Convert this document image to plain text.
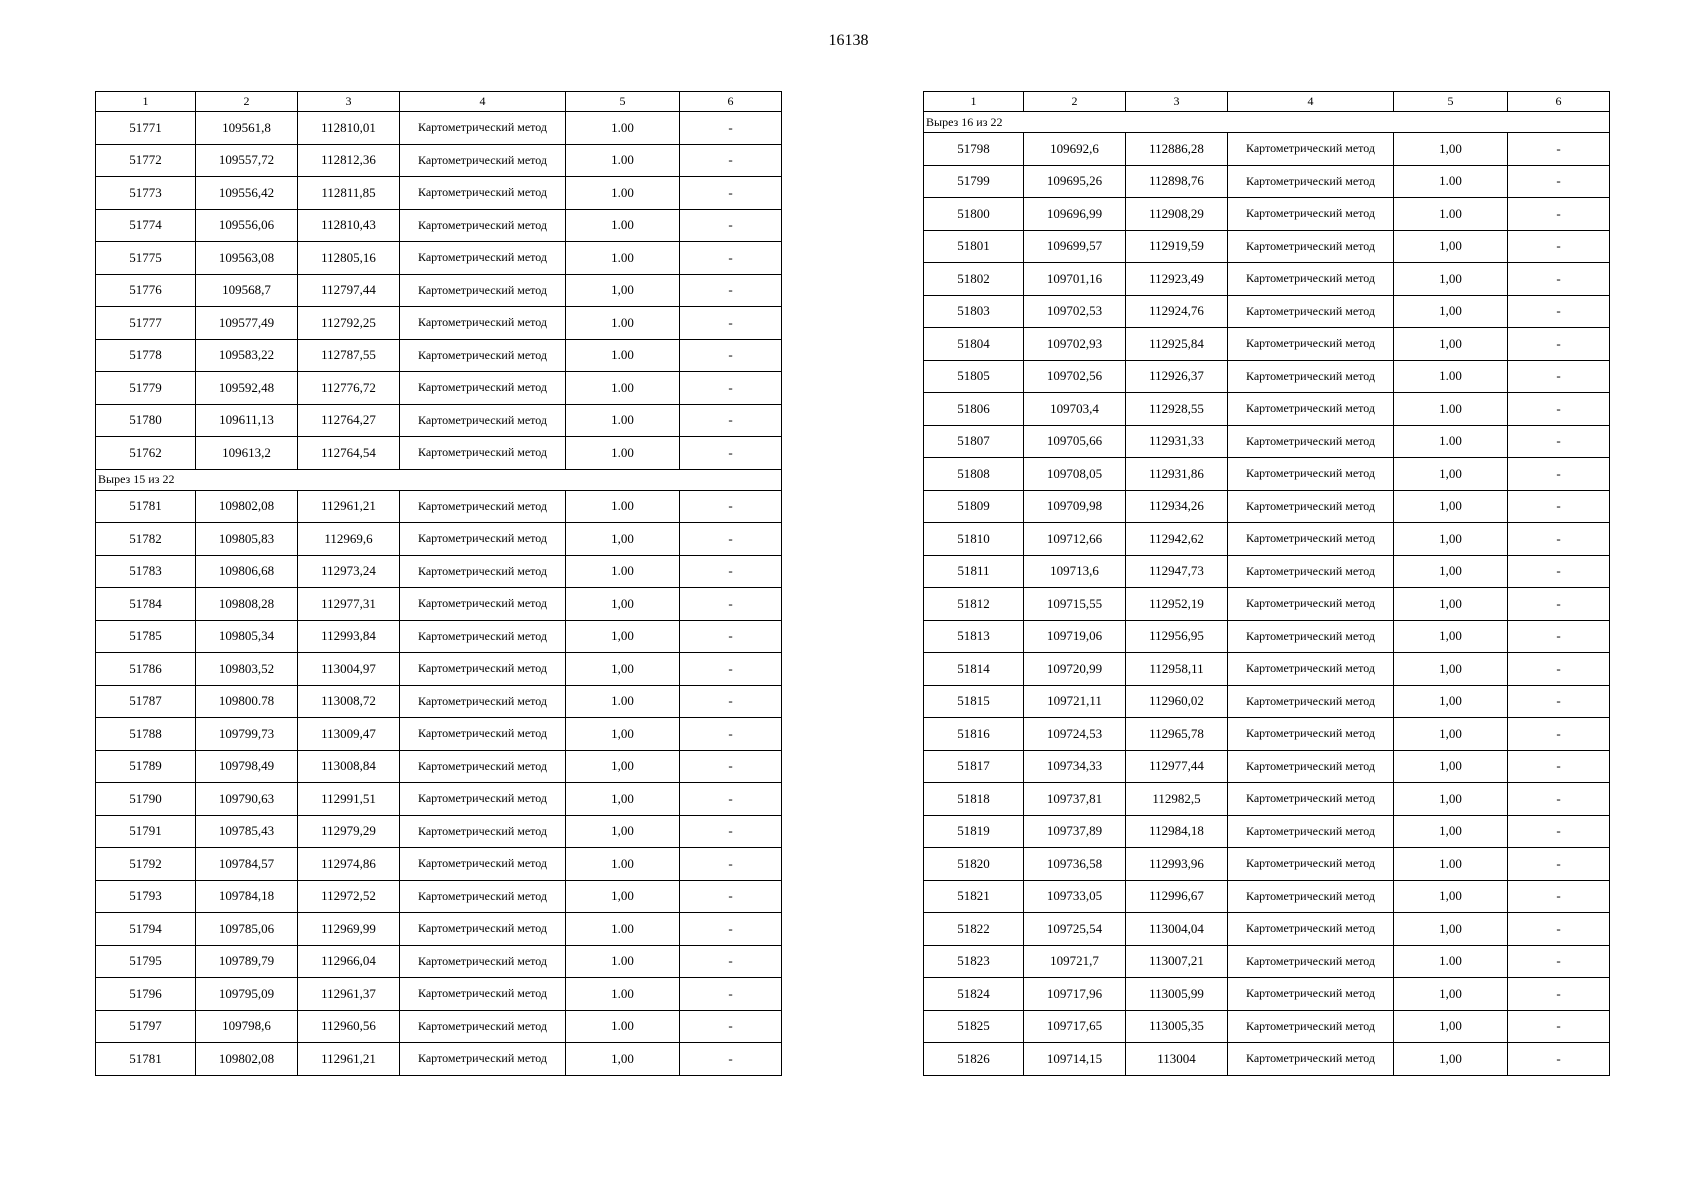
16138
1	2	3	4	5	6
51771	109561,8	112810,01	Картометрический метод	1.00	-
51772	109557,72	112812,36	Картометрический метод	1.00	-
51773	109556,42	112811,85	Картометрический метод	1.00	-
51774	109556,06	112810,43	Картометрический метод	1.00	-
51775	109563,08	112805,16	Картометрический метод	1.00	-
51776	109568,7	112797,44	Картометрический метод	1,00	-
51777	109577,49	112792,25	Картометрический метод	1.00	-
51778	109583,22	112787,55	Картометрический метод	1.00	-
51779	109592,48	112776,72	Картометрический метод	1.00	-
51780	109611,13	112764,27	Картометрический метод	1.00	-
51762	109613,2	112764,54	Картометрический метод	1.00	-
Вырез 15 из 22					
51781	109802,08	112961,21	Картометрический метод	1.00	-
51782	109805,83	112969,6	Картометрический метод	1,00	-
51783	109806,68	112973,24	Картометрический метод	1.00	-
51784	109808,28	112977,31	Картометрический метод	1,00	-
51785	109805,34	112993,84	Картометрический метод	1,00	-
51786	109803,52	113004,97	Картометрический метод	1,00	-
51787	109800.78	113008,72	Картометрический метод	1.00	-
51788	109799,73	113009,47	Картометрический метод	1,00	-
51789	109798,49	113008,84	Картометрический метод	1,00	-
51790	109790,63	112991,51	Картометрический метод	1,00	-
51791	109785,43	112979,29	Картометрический метод	1,00	-
51792	109784,57	112974,86	Картометрический метод	1.00	-
51793	109784,18	112972,52	Картометрический метод	1,00	-
51794	109785,06	112969,99	Картометрический метод	1.00	-
51795	109789,79	112966,04	Картометрический метод	1.00	-
51796	109795,09	112961,37	Картометрический метод	1.00	-
51797	109798,6	112960,56	Картометрический метод	1.00	-
51781	109802,08	112961,21	Картометрический метод	1,00	-
1	2	3	4	5	6
Вырез 16 из 22					
51798	109692,6	112886,28	Картометрический метод	1,00	-
51799	109695,26	112898,76	Картометрический метод	1.00	-
51800	109696,99	112908,29	Картометрический метод	1.00	-
51801	109699,57	112919,59	Картометрический метод	1,00	-
51802	109701,16	112923,49	Картометрический метод	1,00	-
51803	109702,53	112924,76	Картометрический метод	1,00	-
51804	109702,93	112925,84	Картометрический метод	1,00	-
51805	109702,56	112926,37	Картометрический метод	1.00	-
51806	109703,4	112928,55	Картометрический метод	1.00	-
51807	109705,66	112931,33	Картометрический метод	1.00	-
51808	109708,05	112931,86	Картометрический метод	1,00	-
51809	109709,98	112934,26	Картометрический метод	1,00	-
51810	109712,66	112942,62	Картометрический метод	1,00	-
51811	109713,6	112947,73	Картометрический метод	1,00	-
51812	109715,55	112952,19	Картометрический метод	1,00	-
51813	109719,06	112956,95	Картометрический метод	1,00	-
51814	109720,99	112958,11	Картометрический метод	1,00	-
51815	109721,11	112960,02	Картометрический метод	1,00	-
51816	109724,53	112965,78	Картометрический метод	1,00	-
51817	109734,33	112977,44	Картометрический метод	1,00	-
51818	109737,81	112982,5	Картометрический метод	1,00	-
51819	109737,89	112984,18	Картометрический метод	1,00	-
51820	109736,58	112993,96	Картометрический метод	1.00	-
51821	109733,05	112996,67	Картометрический метод	1,00	-
51822	109725,54	113004,04	Картометрический метод	1,00	-
51823	109721,7	113007,21	Картометрический метод	1.00	-
51824	109717,96	113005,99	Картометрический метод	1,00	-
51825	109717,65	113005,35	Картометрический метод	1,00	-
51826	109714,15	113004	Картометрический метод	1,00	-
